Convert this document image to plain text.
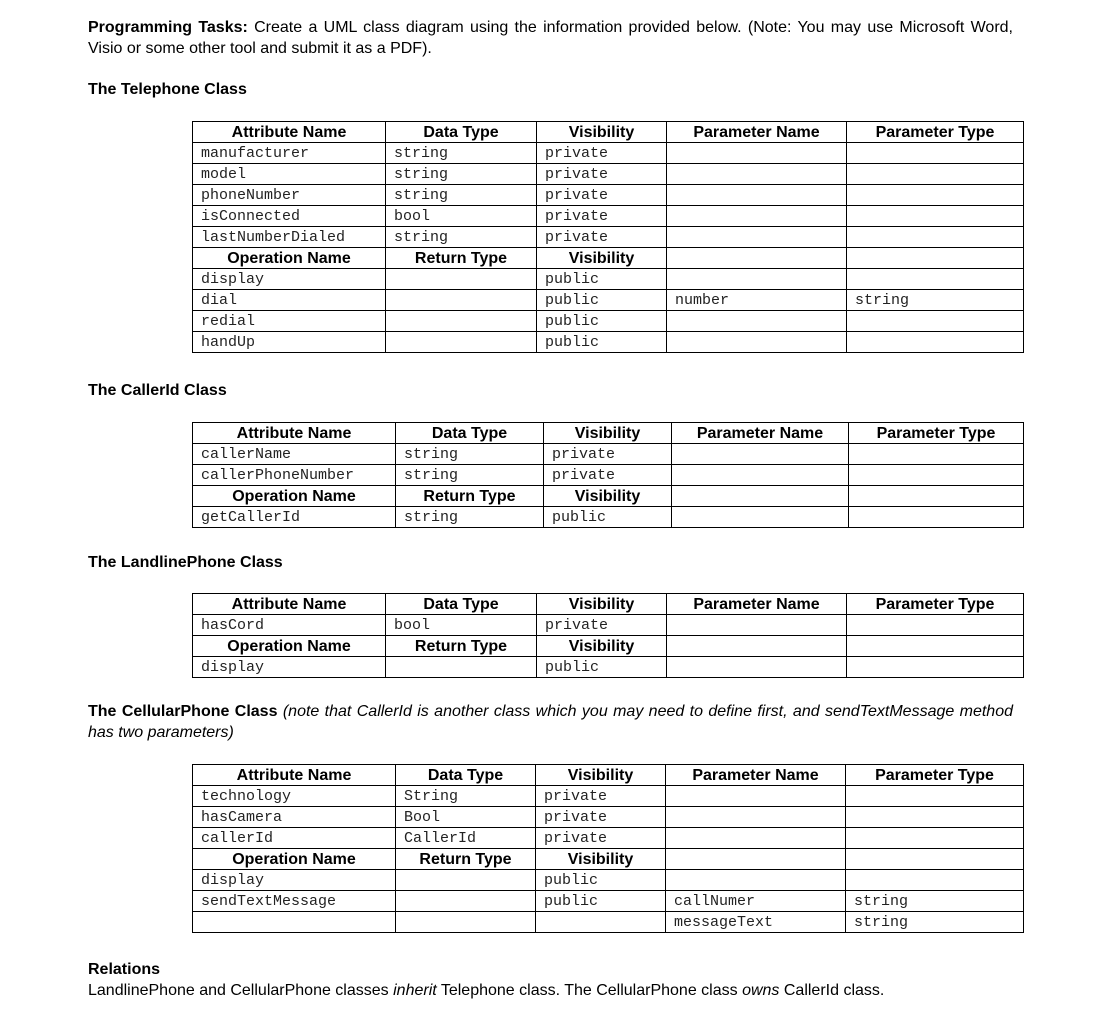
Programming Tasks: Create a UML class diagram using the information provided below. (Note: You may use Microsoft Word, Visio or some other tool and submit it as a PDF).
The Telephone Class
Attribute Name	Data Type	Visibility	Parameter Name	Parameter Type
manufacturer	string	private		
model	string	private		
phoneNumber	string	private		
isConnected	bool	private		
lastNumberDialed	string	private		
Operation Name	Return Type	Visibility		
display		public		
dial		public	number	string
redial		public		
handUp		public		
The CallerId Class
Attribute Name	Data Type	Visibility	Parameter Name	Parameter Type
callerName	string	private		
callerPhoneNumber	string	private		
Operation Name	Return Type	Visibility		
getCallerId	string	public		
The LandlinePhone Class
Attribute Name	Data Type	Visibility	Parameter Name	Parameter Type
hasCord	bool	private		
Operation Name	Return Type	Visibility		
display		public		
The CellularPhone Class (note that CallerId is another class which you may need to define first, and sendTextMessage method has two parameters)
Attribute Name	Data Type	Visibility	Parameter Name	Parameter Type
technology	String	private		
hasCamera	Bool	private		
callerId	CallerId	private		
Operation Name	Return Type	Visibility		
display		public		
sendTextMessage		public	callNumer	string
			messageText	string
Relations
LandlinePhone and CellularPhone classes inherit Telephone class. The CellularPhone class owns CallerId class.
